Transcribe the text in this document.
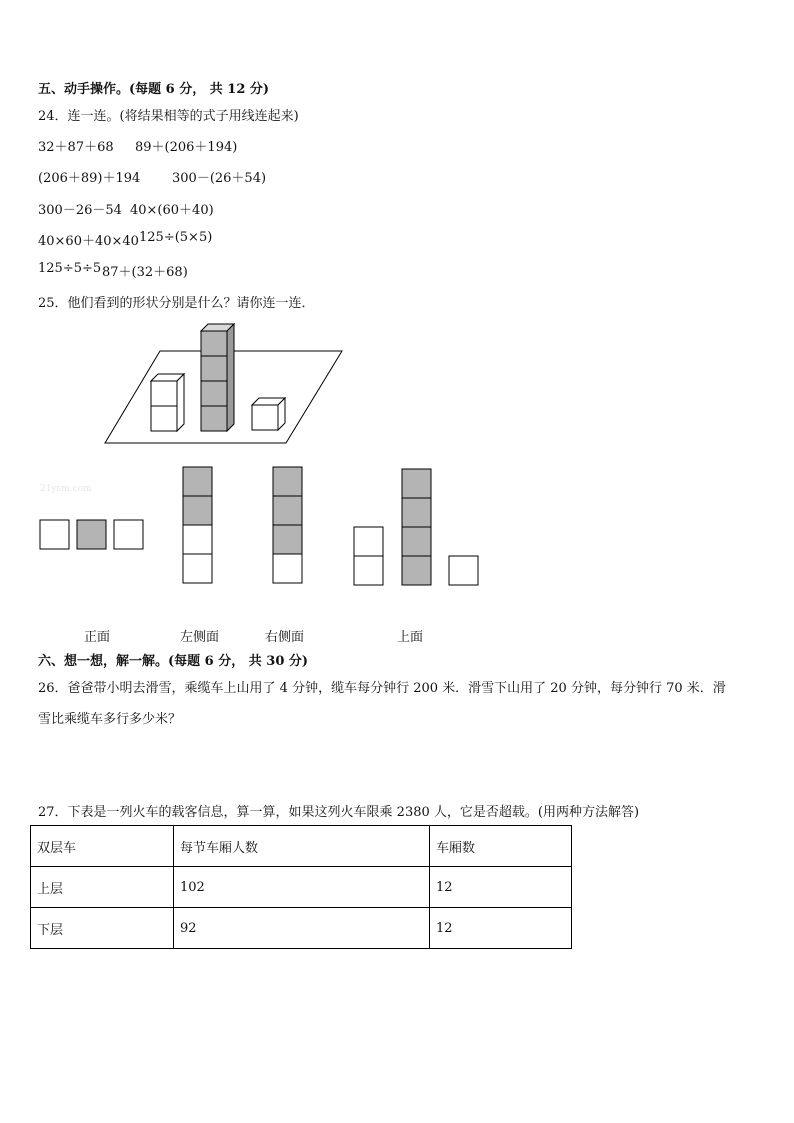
五、动手操作。(每题 6 分， 共 12 分)
24．连一连。(将结果相等的式子用线连起来)
32＋87＋68 89＋(206＋194)
(206＋89)＋194 300－(26＋54)
300－26－54 40×(60＋40)
40×60＋40×40 125÷(5×5)
125÷5÷5 87＋(32＋68)
25．他们看到的形状分别是什么？请你连一连．
21ysm.com
正面	左侧面	右侧面	上面
六、想一想，解一解。(每题 6 分， 共 30 分)
26．爸爸带小明去滑雪，乘缆车上山用了 4 分钟，缆车每分钟行 200 米．滑雪下山用了 20 分钟，每分钟行 70 米．滑
雪比乘缆车多行多少米？
27．下表是一列火车的载客信息，算一算，如果这列火车限乘 2380 人，它是否超载。(用两种方法解答)
双层车	每节车厢人数	车厢数
上层	102	12
下层	92	12
